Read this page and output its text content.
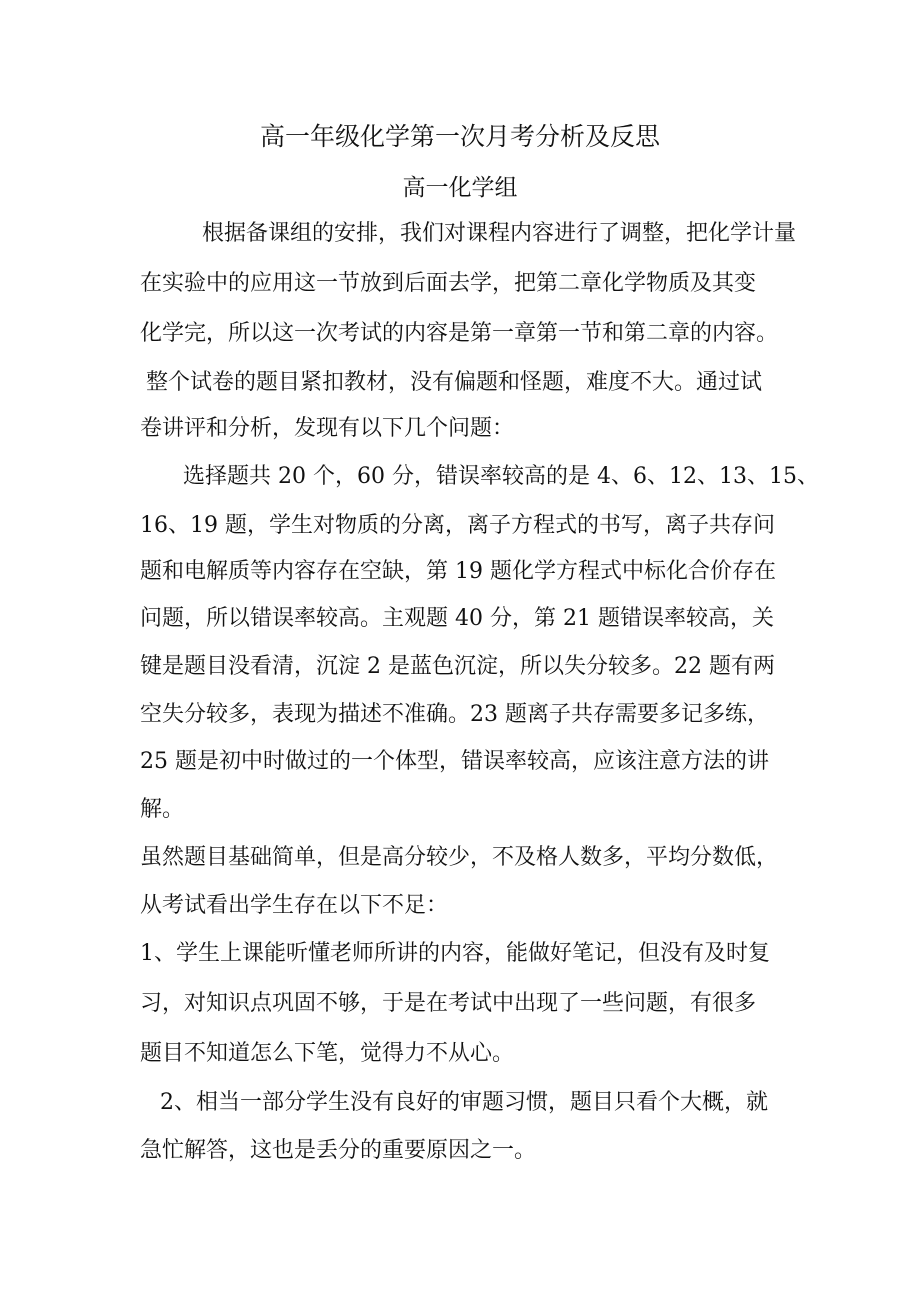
高一年级化学第一次月考分析及反思
高一化学组
根据备课组的安排，我们对课程内容进行了调整，把化学计量
在实验中的应用这一节放到后面去学，把第二章化学物质及其变
化学完，所以这一次考试的内容是第一章第一节和第二章的内容。
整个试卷的题目紧扣教材，没有偏题和怪题，难度不大。通过试
卷讲评和分析，发现有以下几个问题：
选择题共 20 个，60 分，错误率较高的是 4、6、12、13、15、
16、19 题，学生对物质的分离，离子方程式的书写，离子共存问
题和电解质等内容存在空缺，第 19 题化学方程式中标化合价存在
问题，所以错误率较高。主观题 40 分，第 21 题错误率较高，关
键是题目没看清，沉淀 2 是蓝色沉淀，所以失分较多。22 题有两
空失分较多，表现为描述不准确。23 题离子共存需要多记多练，
25 题是初中时做过的一个体型，错误率较高，应该注意方法的讲
解。
虽然题目基础简单，但是高分较少，不及格人数多，平均分数低，
从考试看出学生存在以下不足：
1、学生上课能听懂老师所讲的内容，能做好笔记，但没有及时复
习，对知识点巩固不够，于是在考试中出现了一些问题，有很多
题目不知道怎么下笔，觉得力不从心。
2、相当一部分学生没有良好的审题习惯，题目只看个大概，就
急忙解答，这也是丢分的重要原因之一。
